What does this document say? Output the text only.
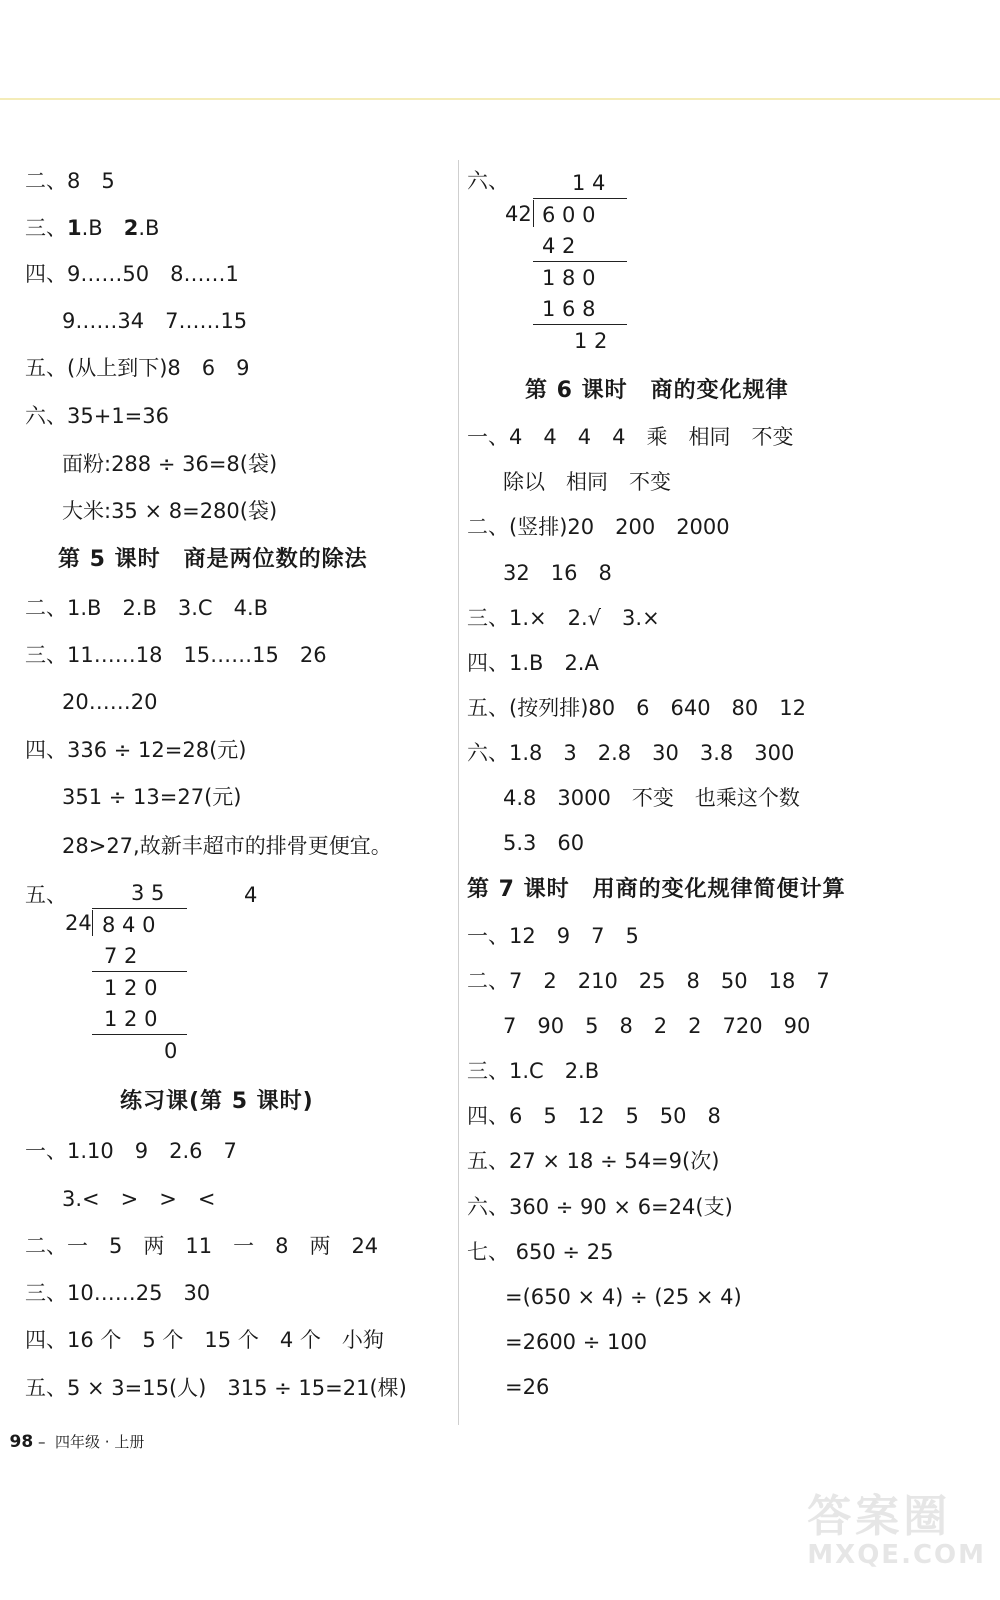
二、8　5
三、1.B　2.B
四、9……50　8……1
9……34　7……15
五、(从上到下)8　6　9
六、35+1=36
面粉:288 ÷ 36=8(袋)
大米:35 × 8=280(袋)
第 5 课时　商是两位数的除法
二、1.B　2.B　3.C　4.B
三、11……18　15……15　26
20……20
四、336 ÷ 12=28(元)
351 ÷ 13=27(元)
28>27,故新丰超市的排骨更便宜。
五、	4
3 5
24 8 4 0
7 2
1 2 0
1 2 0
0
练习课(第 5 课时)
一、1.10　9　2.6　7
3.<　>　>　<
二、一　5　两　11　一　8　两　24
三、10……25　30
四、16 个　5 个　15 个　4 个　小狗
五、5 × 3=15(人)　315 ÷ 15=21(棵)
六、	1 4
42 6 0 0
4 2
1 8 0
1 6 8
1 2
第 6 课时　商的变化规律
一、4　4　4　4　乘　相同　不变
除以　相同　不变
二、(竖排)20　200　2000
32　16　8
三、1.×　2.√　3.×
四、1.B　2.A
五、(按列排)80　6　640　80　12
六、1.8　3　2.8　30　3.8　300
4.8　3000　不变　也乘这个数
5.3　60
第 7 课时　用商的变化规律简便计算
一、12　9　7　5
二、7　2　210　25　8　50　18　7
7　90　5　8　2　2　720　90
三、1.C　2.B
四、6　5　12　5　50　8
五、27 × 18 ÷ 54=9(次)
六、360 ÷ 90 × 6=24(支)
七、 650 ÷ 25
=(650 × 4) ÷ (25 × 4)
=2600 ÷ 100
=26

98 –  四年级 · 上册

答案圈
MXQE.COM
